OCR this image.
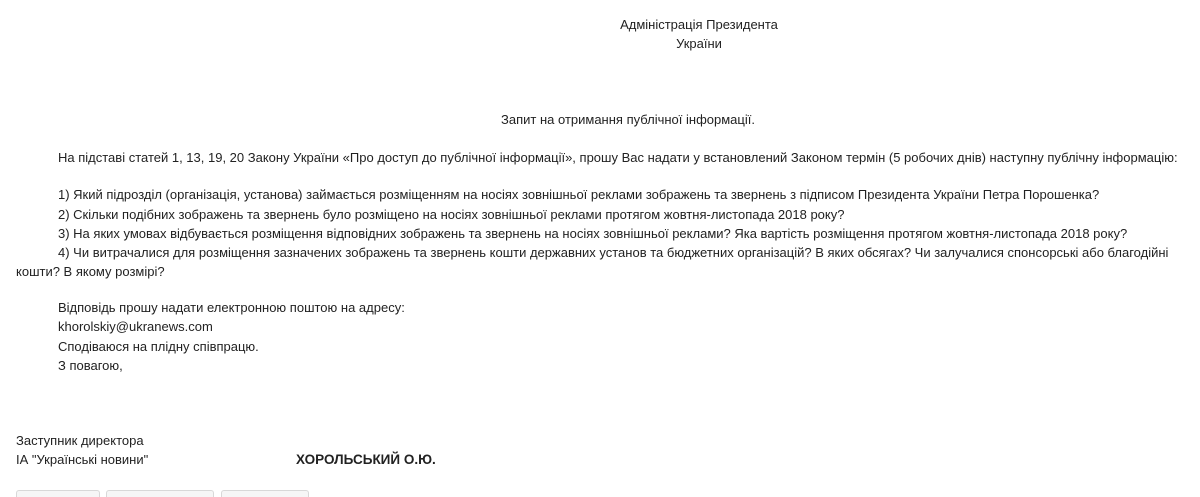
Адміністрація Президента
України
Запит на отримання публічної інформації.
На підставі статей 1, 13, 19, 20 Закону України «Про доступ до публічної інформації», прошу Вас надати у встановлений Законом термін (5 робочих днів) наступну публічну інформацію:
1) Який підрозділ (організація, установа) займається розміщенням на носіях зовнішньої реклами зображень та звернень з підписом Президента України Петра Порошенка?
2) Скільки подібних зображень та звернень було розміщено на носіях зовнішньої реклами протягом жовтня-листопада 2018 року?
3) На яких умовах відбувається розміщення відповідних зображень та звернень на носіях зовнішньої реклами? Яка вартість розміщення протягом жовтня-листопада 2018 року?
4) Чи витрачалися для розміщення зазначених зображень та звернень кошти державних установ та бюджетних організацій? В яких обсягах? Чи залучалися спонсорські або благодійні кошти? В якому розмірі?
Відповідь прошу надати електронною поштою на адресу:
khorolskiy@ukranews.com
Сподіваюся на плідну співпрацю.
З повагою,
Заступник директора
ІА "Українські новини"	ХОРОЛЬСЬКИЙ О.Ю.
